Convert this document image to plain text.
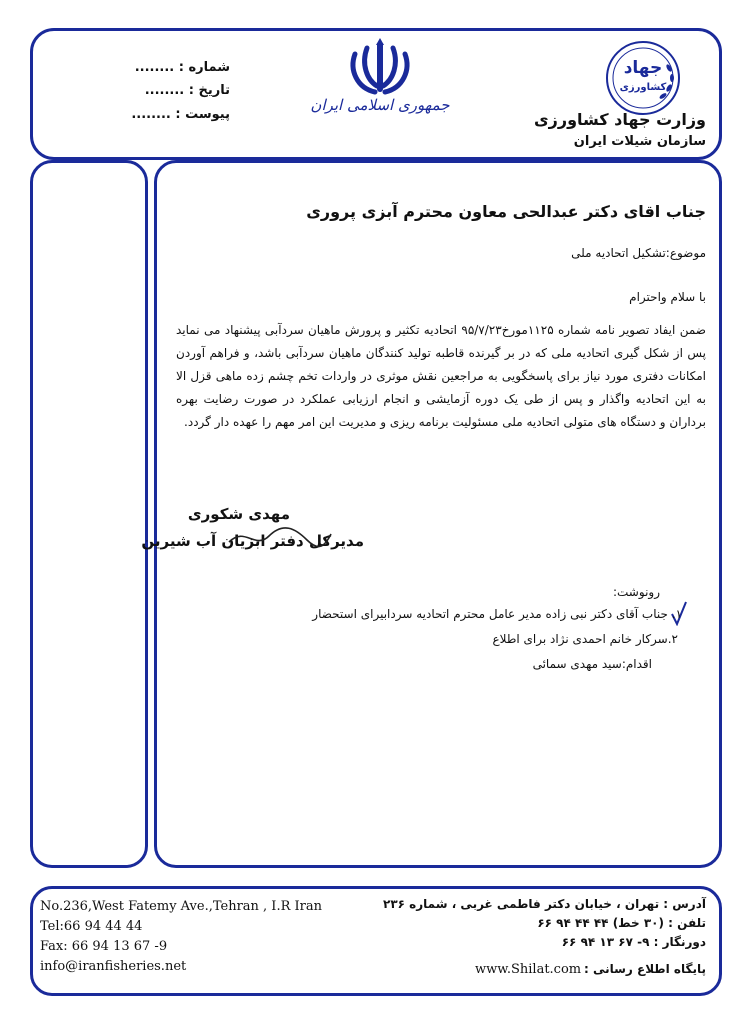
شماره : ........
تاریخ : ........
پیوست : ........
جمهوری اسلامی ایران
جهاد
کشاورزی
وزارت جهاد کشاورزی
سازمان شیلات ایران
جناب اقای دکتر عبدالحی معاون محترم آبزی پروری
موضوع:تشکیل اتحادیه ملی
با سلام واحترام
ضمن ایفاد تصویر نامه شماره ۱۱۲۵مورخ۹۵/۷/۲۳ اتحادیه تکثیر و پرورش ماهیان سردآبی پیشنهاد می نماید پس از شکل گیری اتحادیه ملی که در بر گیرنده قاطبه تولید کنندگان ماهیان سردآبی باشد، و فراهم آوردن امکانات دفتری مورد نیاز برای پاسخگویی به مراجعین نقش موثری در واردات تخم چشم زده ماهی قزل الا به این اتحادیه واگذار و پس از طی یک دوره آزمایشی و انجام ارزیابی عملکرد در صورت رضایت بهره برداران و دستگاه های متولی اتحادیه ملی مسئولیت برنامه ریزی و مدیریت این امر مهم را عهده دار گردد.
مهدی شکوری
مدیرکل دفتر ابزیان آب شیرین
رونوشت:
۱. جناب آقای دکتر نبی زاده مدیر عامل محترم اتحادیه سردابیرای استحضار
۲.سرکار خانم احمدی نژاد برای اطلاع
اقدام:سید مهدی سمائی
No.236,West Fatemy Ave.,Tehran , I.R Iran
Tel:66 94 44 44
Fax: 66 94 13 67 -9
info@iranfisheries.net
آدرس : تهران ، خیابان دکتر فاطمی غربی ، شماره ۲۳۶
تلفن : (۳۰ خط) ۴۴ ۴۴ ۹۴ ۶۶
دورنگار : ۹- ۶۷ ۱۳ ۹۴ ۶۶
پایگاه اطلاع رسانی :
www.Shilat.com
